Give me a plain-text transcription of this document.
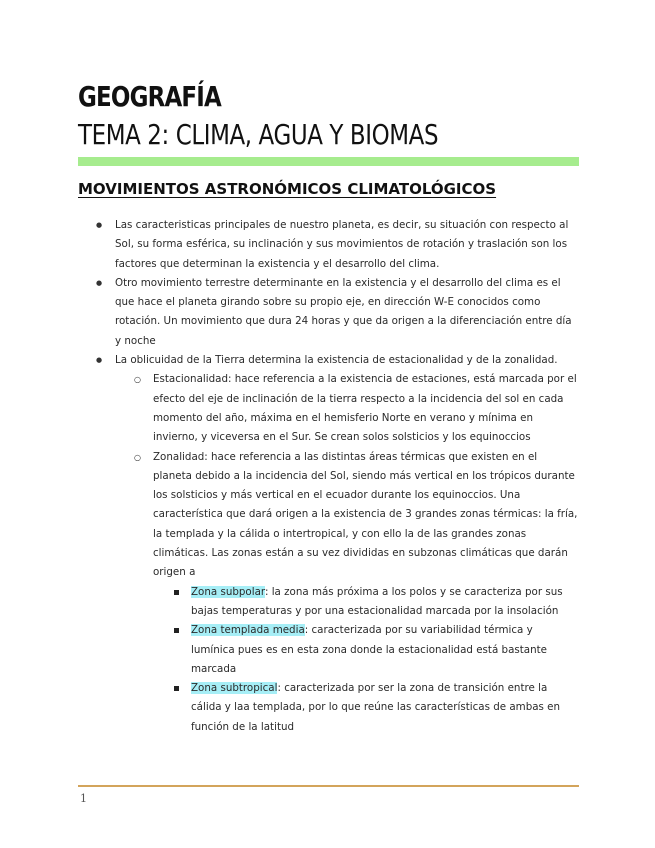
GEOGRAFÍA
TEMA 2: CLIMA, AGUA Y BIOMAS
MOVIMIENTOS ASTRONÓMICOS CLIMATOLÓGICOS
● Las caracteristicas principales de nuestro planeta, es decir, su situación con respecto al Sol, su forma esférica, su inclinación y sus movimientos de rotación y traslación son los factores que determinan la existencia y el desarrollo del clima.
● Otro movimiento terrestre determinante en la existencia y el desarrollo del clima es el que hace el planeta girando sobre su propio eje, en dirección W-E conocidos como rotación. Un movimiento que dura 24 horas y que da origen a la diferenciación entre día y noche
● La oblicuidad de la Tierra determina la existencia de estacionalidad y de la zonalidad.
○ Estacionalidad: hace referencia a la existencia de estaciones, está marcada por el efecto del eje de inclinación de la tierra respecto a la incidencia del sol en cada momento del año, máxima en el hemisferio Norte en verano y mínima en invierno, y viceversa en el Sur. Se crean solos solsticios y los equinoccios
○ Zonalidad: hace referencia a las distintas áreas térmicas que existen en el planeta debido a la incidencia del Sol, siendo más vertical en los trópicos durante los solsticios y más vertical en el ecuador durante los equinoccios. Una característica que dará origen a la existencia de 3 grandes zonas térmicas: la fría, la templada y la cálida o intertropical, y con ello la de las grandes zonas climáticas. Las zonas están a su vez divididas en subzonas climáticas que darán origen a
Zona subpolar: la zona más próxima a los polos y se caracteriza por sus bajas temperaturas y por una estacionalidad marcada por la insolación
Zona templada media: caracterizada por su variabilidad térmica y lumínica pues es en esta zona donde la estacionalidad está bastante marcada
Zona subtropical: caracterizada por ser la zona de transición entre la cálida y laa templada, por lo que reúne las características de ambas en función de la latitud
1
